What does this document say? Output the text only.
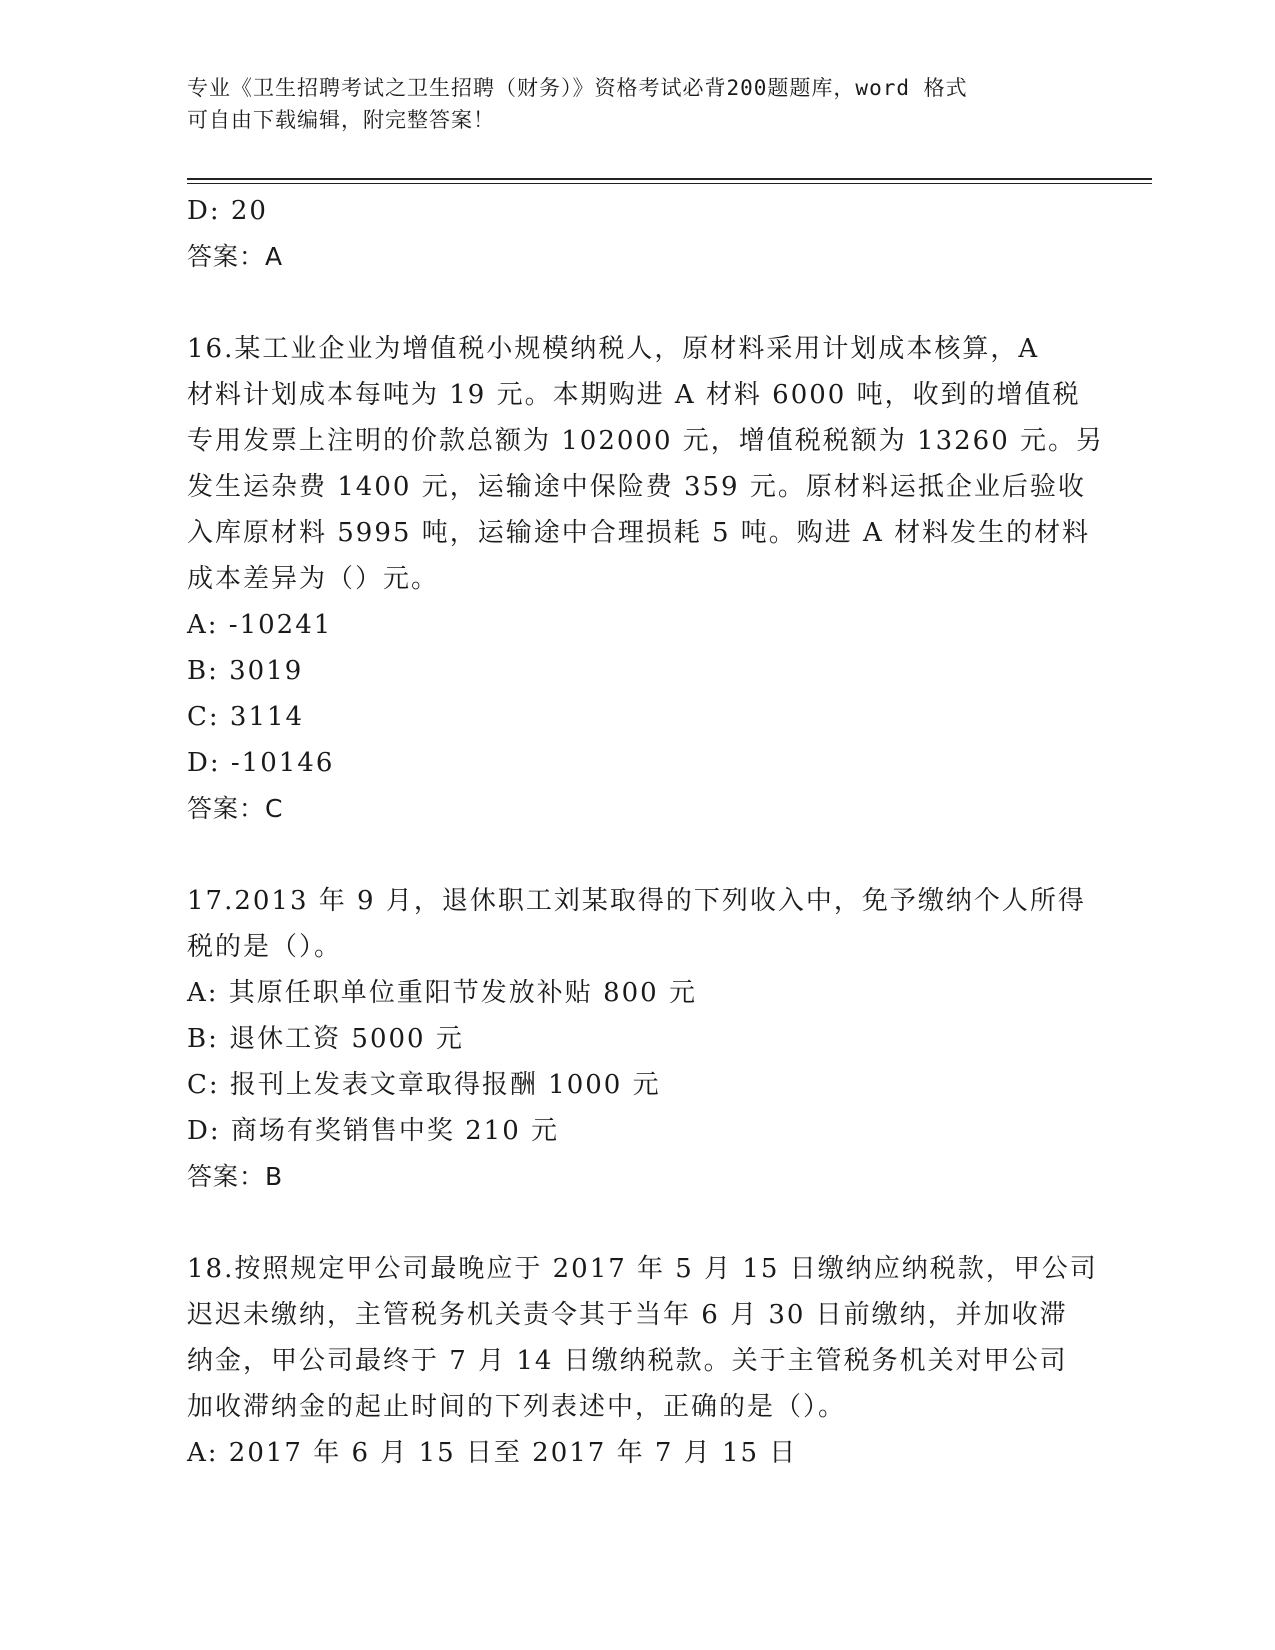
专业《卫生招聘考试之卫生招聘（财务）》资格考试必背200题题库，word 格式
可自由下载编辑，附完整答案！
D: 20
答案：A
16.某工业企业为增值税小规模纳税人，原材料采用计划成本核算，A
材料计划成本每吨为 19 元。本期购进 A 材料 6000 吨，收到的增值税
专用发票上注明的价款总额为 102000 元，增值税税额为 13260 元。另
发生运杂费 1400 元，运输途中保险费 359 元。原材料运抵企业后验收
入库原材料 5995 吨，运输途中合理损耗 5 吨。购进 A 材料发生的材料
成本差异为（）元。
A: -10241
B: 3019
C: 3114
D: -10146
答案：C
17.2013 年 9 月，退休职工刘某取得的下列收入中，免予缴纳个人所得
税的是（）。
A: 其原任职单位重阳节发放补贴 800 元
B: 退休工资 5000 元
C: 报刊上发表文章取得报酬 1000 元
D: 商场有奖销售中奖 210 元
答案：B
18.按照规定甲公司最晚应于 2017 年 5 月 15 日缴纳应纳税款，甲公司
迟迟未缴纳，主管税务机关责令其于当年 6 月 30 日前缴纳，并加收滞
纳金，甲公司最终于 7 月 14 日缴纳税款。关于主管税务机关对甲公司
加收滞纳金的起止时间的下列表述中，正确的是（）。
A: 2017 年 6 月 15 日至 2017 年 7 月 15 日
